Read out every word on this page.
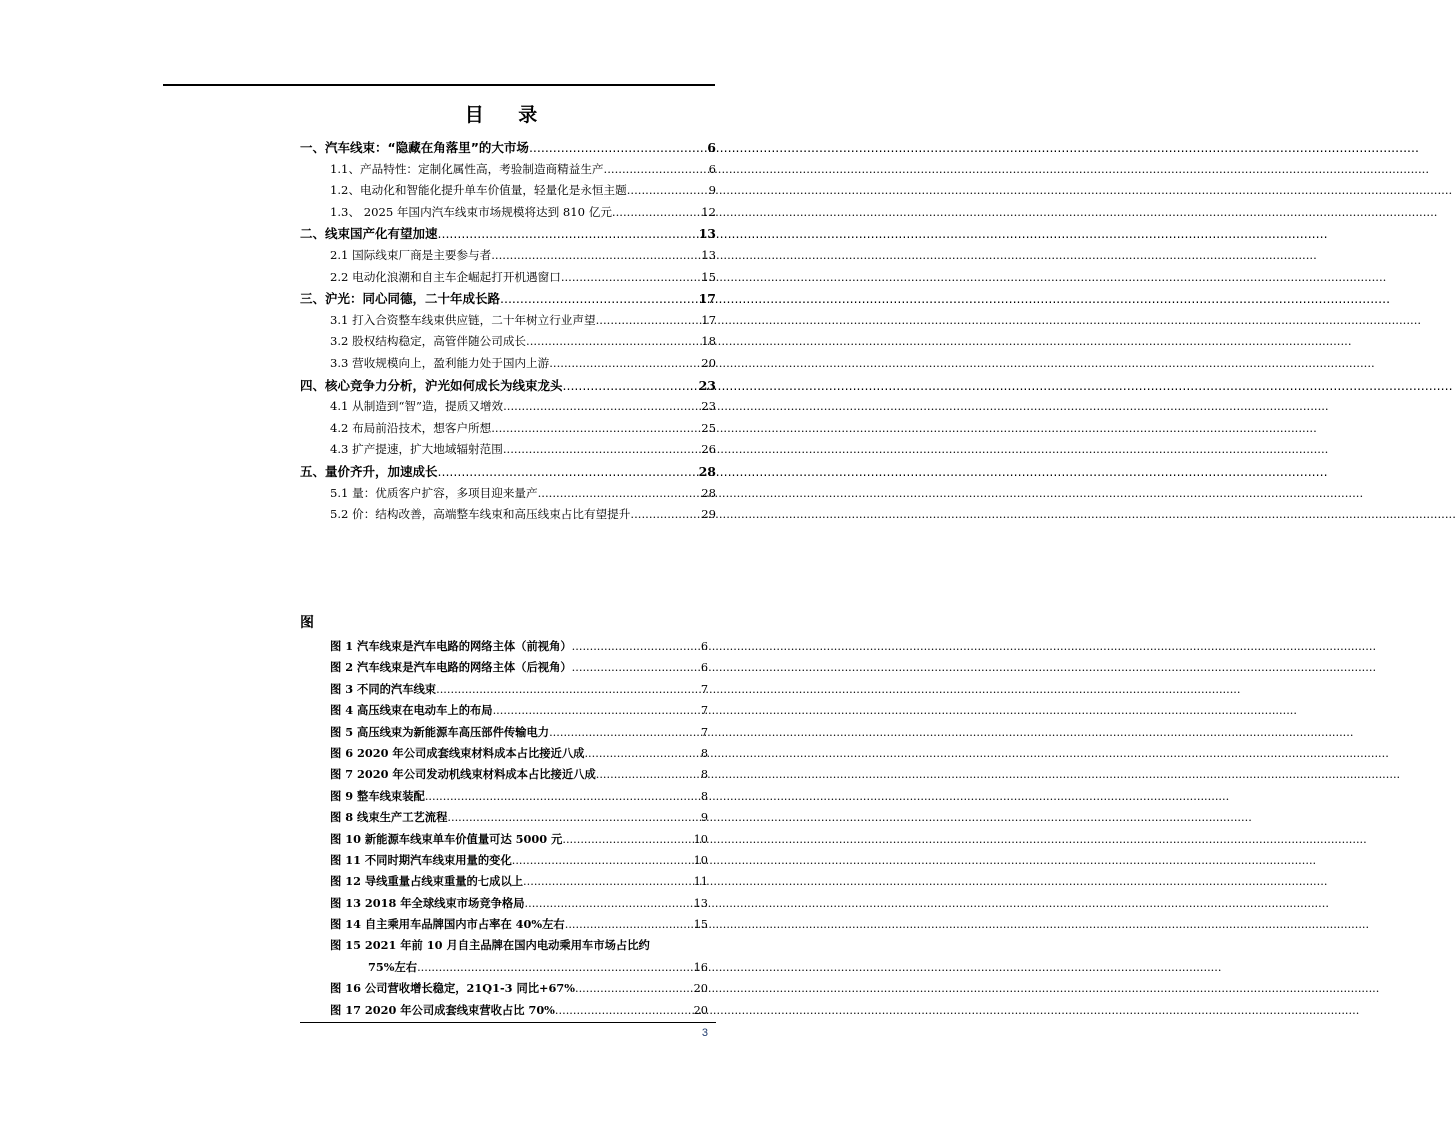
目 录
一、汽车线束：“隐藏在角落里”的大市场 .....	6
1.1、产品特性：定制化属性高，考验制造商精益生产 .....	6
1.2、电动化和智能化提升单车价值量，轻量化是永恒主题 .....	9
1.3、 2025 年国内汽车线束市场规模将达到 810 亿元 .....	12
二、线束国产化有望加速 .....	13
2.1 国际线束厂商是主要参与者 .....	13
2.2 电动化浪潮和自主车企崛起打开机遇窗口 .....	15
三、沪光：同心同德，二十年成长路 .....	17
3.1 打入合资整车线束供应链，二十年树立行业声望 .....	17
3.2 股权结构稳定，高管伴随公司成长 .....	18
3.3 营收规模向上，盈利能力处于国内上游 .....	20
四、核心竞争力分析，沪光如何成长为线束龙头 .....	23
4.1 从制造到“智”造，提质又增效 .....	23
4.2 布局前沿技术，想客户所想 .....	25
4.3 扩产提速，扩大地域辐射范围 .....	26
五、量价齐升，加速成长 .....	28
5.1 量：优质客户扩容，多项目迎来量产 .....	28
5.2 价：结构改善，高端整车线束和高压线束占比有望提升 .....	29
图
图 1 汽车线束是汽车电路的网络主体（前视角） .....	6
图 2 汽车线束是汽车电路的网络主体（后视角） .....	6
图 3 不同的汽车线束 .....	7
图 4 高压线束在电动车上的布局 .....	7
图 5 高压线束为新能源车高压部件传输电力 .....	7
图 6 2020 年公司成套线束材料成本占比接近八成 .....	8
图 7 2020 年公司发动机线束材料成本占比接近八成 .....	8
图 9 整车线束装配 .....	8
图 8 线束生产工艺流程 .....	9
图 10 新能源车线束单车价值量可达 5000 元 .....	10
图 11 不同时期汽车线束用量的变化 .....	10
图 12 导线重量占线束重量的七成以上 .....	11
图 13 2018 年全球线束市场竞争格局 .....	13
图 14 自主乘用车品牌国内市占率在 40%左右 .....	15
图 15 2021 年前 10 月自主品牌在国内电动乘用车市场占比约
75%左右 .....	16
图 16 公司营收增长稳定，21Q1-3 同比+67% .....	20
图 17 2020 年公司成套线束营收占比 70% .....	20
3
